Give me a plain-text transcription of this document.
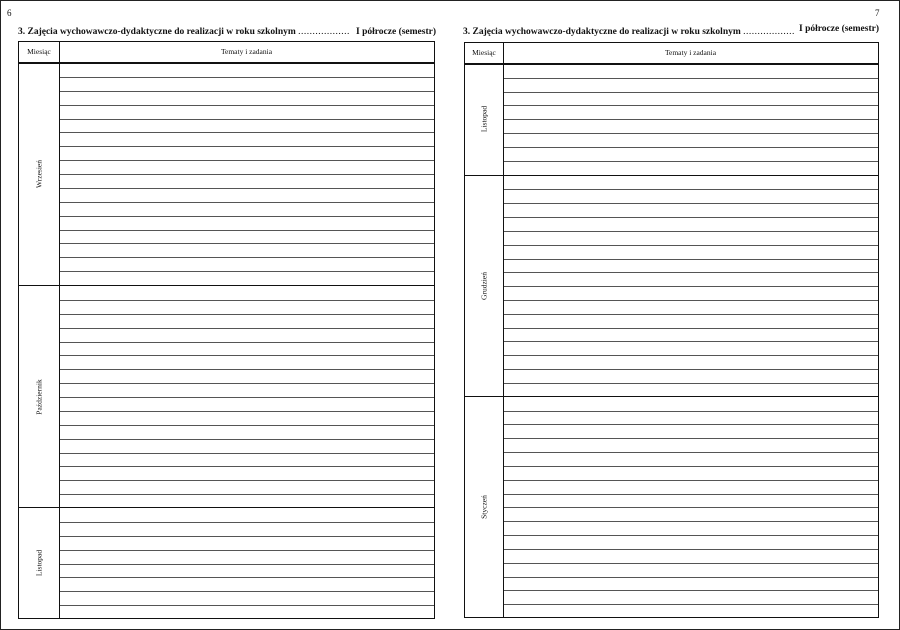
6
3. Zajęcia wychowawczo-dydaktyczne do realizacji w roku szkolnym .................. I półrocze (semestr)
Miesiąc	Tematy i zadania
Wrzesień
Październik
Listopad
7
3. Zajęcia wychowawczo-dydaktyczne do realizacji w roku szkolnym .................. I półrocze (semestr)
Miesiąc	Tematy i zadania
Listopad
Grudzień
Styczeń
